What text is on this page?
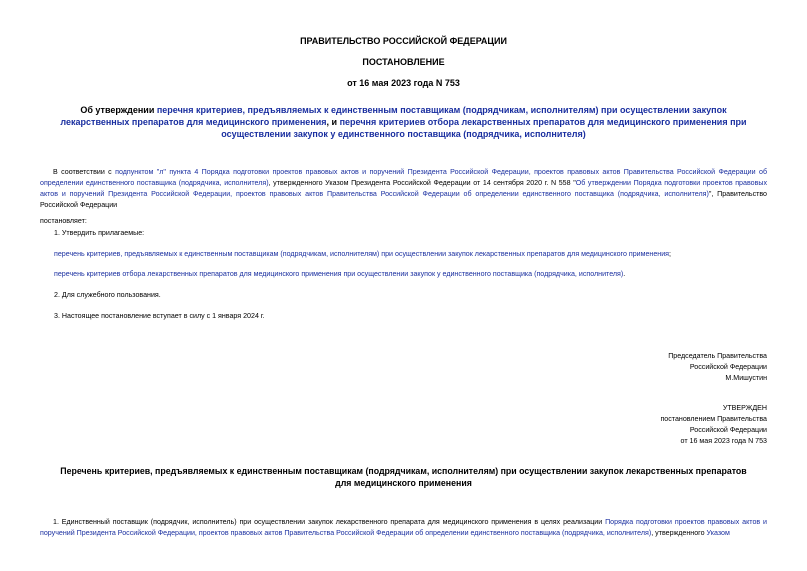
ПРАВИТЕЛЬСТВО РОССИЙСКОЙ ФЕДЕРАЦИИ
ПОСТАНОВЛЕНИЕ
от 16 мая 2023 года N 753
Об утверждении перечня критериев, предъявляемых к единственным поставщикам (подрядчикам, исполнителям) при осуществлении закупок лекарственных препаратов для медицинского применения, и перечня критериев отбора лекарственных препаратов для медицинского применения при осуществлении закупок у единственного поставщика (подрядчика, исполнителя)
В соответствии с подпунктом "л" пункта 4 Порядка подготовки проектов правовых актов и поручений Президента Российской Федерации, проектов правовых актов Правительства Российской Федерации об определении единственного поставщика (подрядчика, исполнителя), утвержденного Указом Президента Российской Федерации от 14 сентября 2020 г. N 558 "Об утверждении Порядка подготовки проектов правовых актов и поручений Президента Российской Федерации, проектов правовых актов Правительства Российской Федерации об определении единственного поставщика (подрядчика, исполнителя)", Правительство Российской Федерации
постановляет:
1. Утвердить прилагаемые:
перечень критериев, предъявляемых к единственным поставщикам (подрядчикам, исполнителям) при осуществлении закупок лекарственных препаратов для медицинского применения;
перечень критериев отбора лекарственных препаратов для медицинского применения при осуществлении закупок у единственного поставщика (подрядчика, исполнителя).
2. Для служебного пользования.
3. Настоящее постановление вступает в силу с 1 января 2024 г.
Председатель Правительства
Российской Федерации
М.Мишустин
УТВЕРЖДЕН
постановлением Правительства
Российской Федерации
от 16 мая 2023 года N 753
Перечень критериев, предъявляемых к единственным поставщикам (подрядчикам, исполнителям) при осуществлении закупок лекарственных препаратов для медицинского применения
1. Единственный поставщик (подрядчик, исполнитель) при осуществлении закупок лекарственного препарата для медицинского применения в целях реализации Порядка подготовки проектов правовых актов и поручений Президента Российской Федерации, проектов правовых актов Правительства Российской Федерации об определении единственного поставщика (подрядчика, исполнителя), утвержденного Указом
